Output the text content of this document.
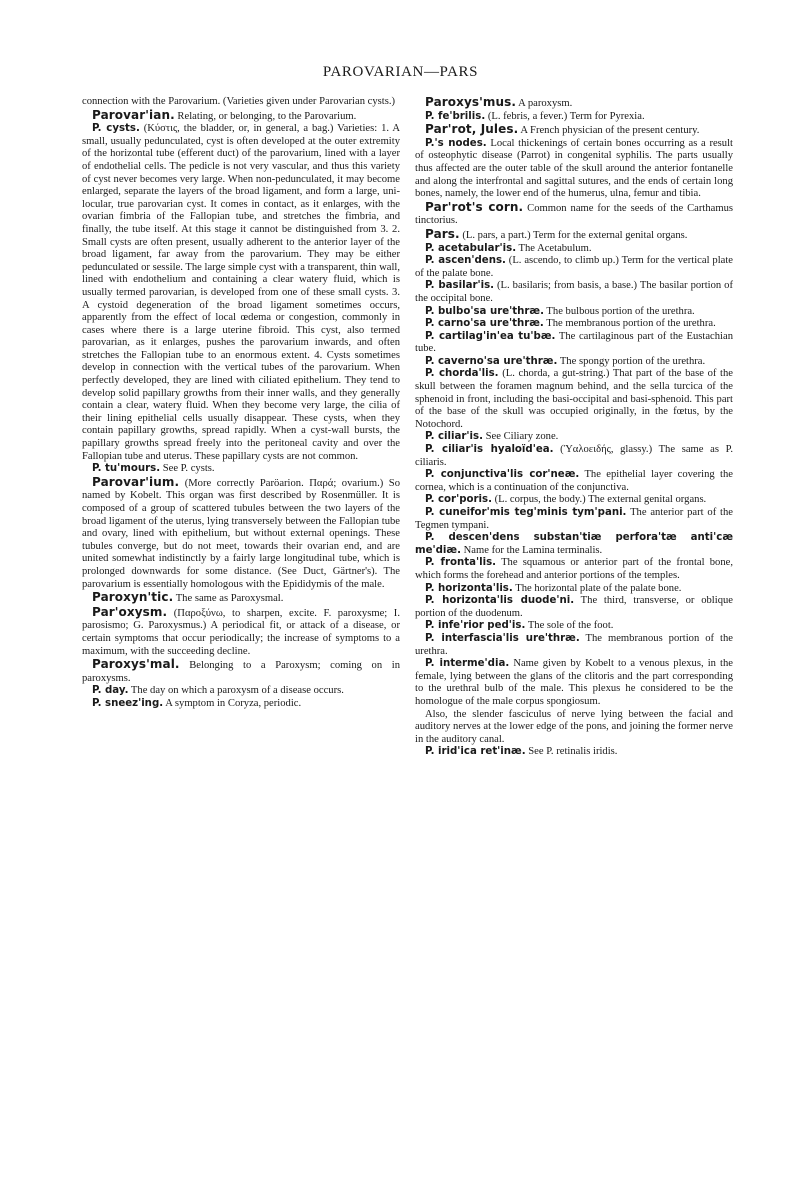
PAROVARIAN—PARS

connection with the Parovarium. (Varieties given under Parovarian cysts.)

Parovar'ian. Relating, or belonging, to the Parovarium.

P. cysts. (Κύστις, the bladder, or, in general, a bag.) Varieties: 1. A small, usually pedunculated, cyst is often developed at the outer extremity of the horizontal tube (efferent duct) of the parovarium, lined with a layer of endothelial cells. The pedicle is not very vascular, and thus this variety of cyst never becomes very large. When non-pedunculated, it may become enlarged, separate the layers of the broad ligament, and form a large, uni-locular, true parovarian cyst. It comes in contact, as it enlarges, with the ovarian fimbria of the Fallopian tube, and stretches the fimbria, and finally, the tube itself. At this stage it cannot be distinguished from 3. 2. Small cysts are often present, usually adherent to the anterior layer of the broad ligament, far away from the parovarium. They may be either pedunculated or sessile. The large simple cyst with a transparent, thin wall, lined with endothelium and containing a clear watery fluid, which is usually termed parovarian, is developed from one of these small cysts. 3. A cystoid degeneration of the broad ligament sometimes occurs, apparently from the effect of local œdema or congestion, commonly in cases where there is a large uterine fibroid. This cyst, also termed parovarian, as it enlarges, pushes the parovarium inwards, and often stretches the Fallopian tube to an enormous extent. 4. Cysts sometimes develop in connection with the vertical tubes of the parovarium. When perfectly developed, they are lined with ciliated epithelium. They tend to develop solid papillary growths from their inner walls, and they generally contain a clear, watery fluid. When they become very large, the cilia of their lining epithelial cells usually disappear. These cysts, when they contain papillary growths, spread rapidly. When a cyst-wall bursts, the papillary growths spread freely into the peritoneal cavity and over the Fallopian tube and uterus. These papillary cysts are not common.

P. tu'mours. See P. cysts.

Parovar'ium. (More correctly Paröarion. Παρά; ovarium.) So named by Kobelt. This organ was first described by Rosenmüller. It is composed of a group of scattered tubules between the two layers of the broad ligament of the uterus, lying transversely between the Fallopian tube and ovary, lined with epithelium, but without external openings. These tubules converge, but do not meet, towards their ovarian end, and are united somewhat indistinctly by a fairly large longitudinal tube, which is prolonged downwards for some distance. (See Duct, Gärtner's). The parovarium is essentially homologous with the Epididymis of the male.

Paroxyn'tic. The same as Paroxysmal.

Par'oxysm. (Παροξύνω, to sharpen, excite. F. paroxysme; I. parosismo; G. Paroxysmus.) A periodical fit, or attack of a disease, or certain symptoms that occur periodically; the increase of symptoms to a maximum, with the succeeding decline.

Paroxys'mal. Belonging to a Paroxysm; coming on in paroxysms.

P. day. The day on which a paroxysm of a disease occurs.

P. sneez'ing. A symptom in Coryza, periodic.

Paroxys'mus. A paroxysm.

P. fe'brilis. (L. febris, a fever.) Term for Pyrexia.

Par'rot, Jules. A French physician of the present century.

P.'s nodes. Local thickenings of certain bones occurring as a result of osteophytic disease (Parrot) in congenital syphilis. The parts usually thus affected are the outer table of the skull around the anterior fontanelle and along the interfrontal and sagittal sutures, and the ends of certain long bones, namely, the lower end of the humerus, ulna, femur and tibia.

Par'rot's corn. Common name for the seeds of the Carthamus tinctorius.

Pars. (L. pars, a part.) Term for the external genital organs.

P. acetabular'is. The Acetabulum.

P. ascen'dens. (L. ascendo, to climb up.) Term for the vertical plate of the palate bone.

P. basilar'is. (L. basilaris; from basis, a base.) The basilar portion of the occipital bone.

P. bulbo'sa ure'thræ. The bulbous portion of the urethra.

P. carno'sa ure'thræ. The membranous portion of the urethra.

P. cartilag'in'ea tu'bæ. The cartilaginous part of the Eustachian tube.

P. caverno'sa ure'thræ. The spongy portion of the urethra.

P. chorda'lis. (L. chorda, a gut-string.) That part of the base of the skull between the foramen magnum behind, and the sella turcica of the sphenoid in front, including the basi-occipital and basi-sphenoid. This part of the base of the skull was occupied originally, in the fœtus, by the Notochord.

P. ciliar'is. See Ciliary zone.

P. ciliar'is hyaloïd'ea. (Ὑαλοειδής, glassy.) The same as P. ciliaris.

P. conjunctiva'lis cor'neæ. The epithelial layer covering the cornea, which is a continuation of the conjunctiva.

P. cor'poris. (L. corpus, the body.) The external genital organs.

P. cuneifor'mis teg'minis tym'pani. The anterior part of the Tegmen tympani.

P. descen'dens substan'tiæ perfora'tæ anti'cæ me'diæ. Name for the Lamina terminalis.

P. fronta'lis. The squamous or anterior part of the frontal bone, which forms the forehead and anterior portions of the temples.

P. horizonta'lis. The horizontal plate of the palate bone.

P. horizonta'lis duode'ni. The third, transverse, or oblique portion of the duodenum.

P. infe'rior ped'is. The sole of the foot.

P. interfascia'lis ure'thræ. The membranous portion of the urethra.

P. interme'dia. Name given by Kobelt to a venous plexus, in the female, lying between the glans of the clitoris and the part corresponding to the urethral bulb of the male. This plexus he considered to be the homologue of the male corpus spongiosum.

Also, the slender fasciculus of nerve lying between the facial and auditory nerves at the lower edge of the pons, and joining the former nerve in the auditory canal.

P. irid'ica ret'inæ. See P. retinalis iridis.
